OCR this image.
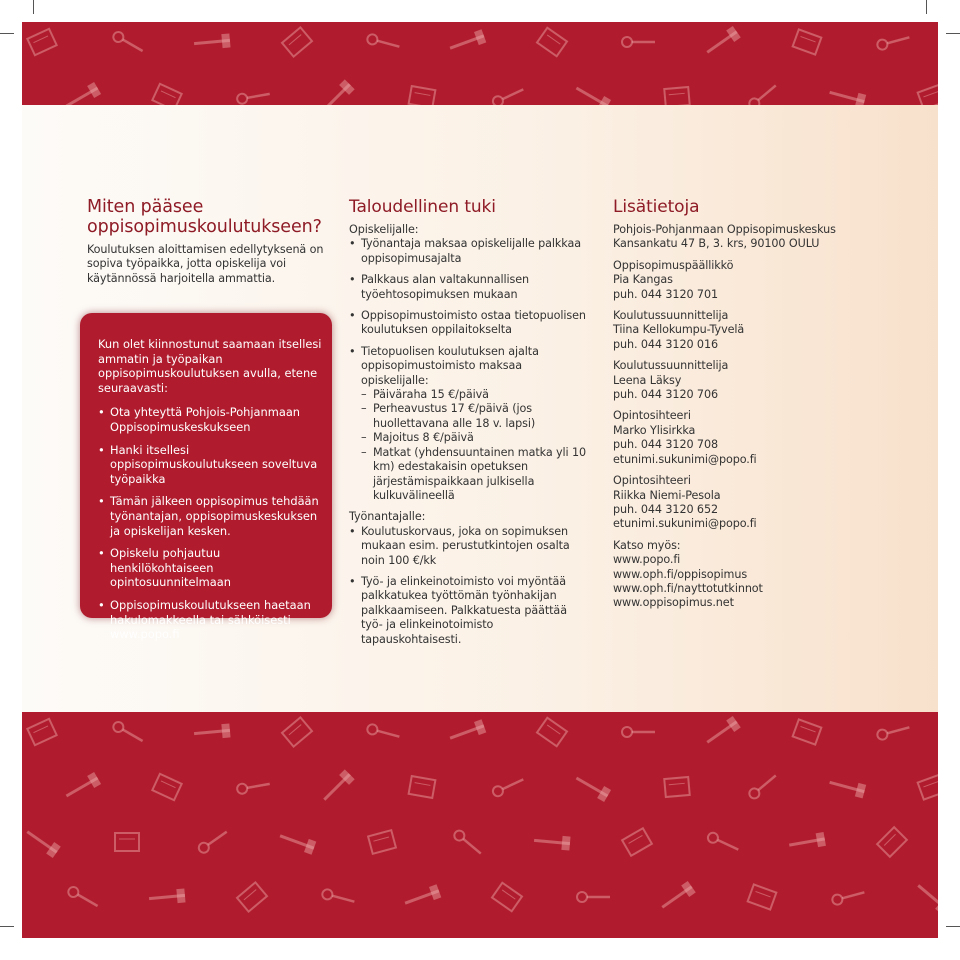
Miten pääsee oppisopimuskoulutukseen?

Koulutuksen aloittamisen edellytyksenä on sopiva työpaikka, jotta opiskelija voi käytännössä harjoitella ammattia.

Kun olet kiinnostunut saamaan itsellesi ammatin ja työpaikan oppisopimuskoulutuksen avulla, etene seuraavasti:

• Ota yhteyttä Pohjois-Pohjanmaan Oppisopimuskeskukseen
• Hanki itsellesi oppisopimuskoulutukseen soveltuva työpaikka
• Tämän jälkeen oppisopimus tehdään työnantajan, oppisopimuskeskuksen ja opiskelijan kesken.
• Opiskelu pohjautuu henkilökohtaiseen opintosuunnitelmaan
• Oppisopimuskoulutukseen haetaan hakulomakkeella tai sähköisesti www.popo.fi
Taloudellinen tuki
Opiskelijalle:
• Työnantaja maksaa opiskelijalle palkkaa oppisopimusajalta
• Palkkaus alan valtakunnallisen työehtosopimuksen mukaan
• Oppisopimustoimisto ostaa tietopuolisen koulutuksen oppilaitokselta
• Tietopuolisen koulutuksen ajalta oppisopimustoimisto maksaa opiskelijalle:
– Päiväraha 15 €/päivä
– Perheavustus 17 €/päivä (jos huollettavana alle 18 v. lapsi)
– Majoitus 8 €/päivä
– Matkat (yhdensuuntainen matka yli 10 km) edestakaisin opetuksen järjestämispaikkaan julkisella kulkuvälineellä
Työnantajalle:
• Koulutuskorvaus, joka on sopimuksen mukaan esim. perustutkintojen osalta noin 100 €/kk
• Työ- ja elinkeinotoimisto voi myöntää palkkatukea työttömän työnhakijan palkkaamiseen. Palkkatuesta päättää työ- ja elinkeinotoimisto tapauskohtaisesti.
Lisätietoja
Pohjois-Pohjanmaan Oppisopimuskeskus
Kansankatu 47 B, 3. krs, 90100 OULU
Oppisopimuspäällikkö
Pia Kangas
puh. 044 3120 701
Koulutussuunnittelija
Tiina Kellokumpu-Tyvelä
puh. 044 3120 016
Koulutussuunnittelija
Leena Läksy
puh. 044 3120 706
Opintosihteeri
Marko Ylisirkka
puh. 044 3120 708
etunimi.sukunimi@popo.fi
Opintosihteeri
Riikka Niemi-Pesola
puh. 044 3120 652
etunimi.sukunimi@popo.fi
Katso myös:
www.popo.fi
www.oph.fi/oppisopimus
www.oph.fi/nayttotutkinnot
www.oppisopimus.net
